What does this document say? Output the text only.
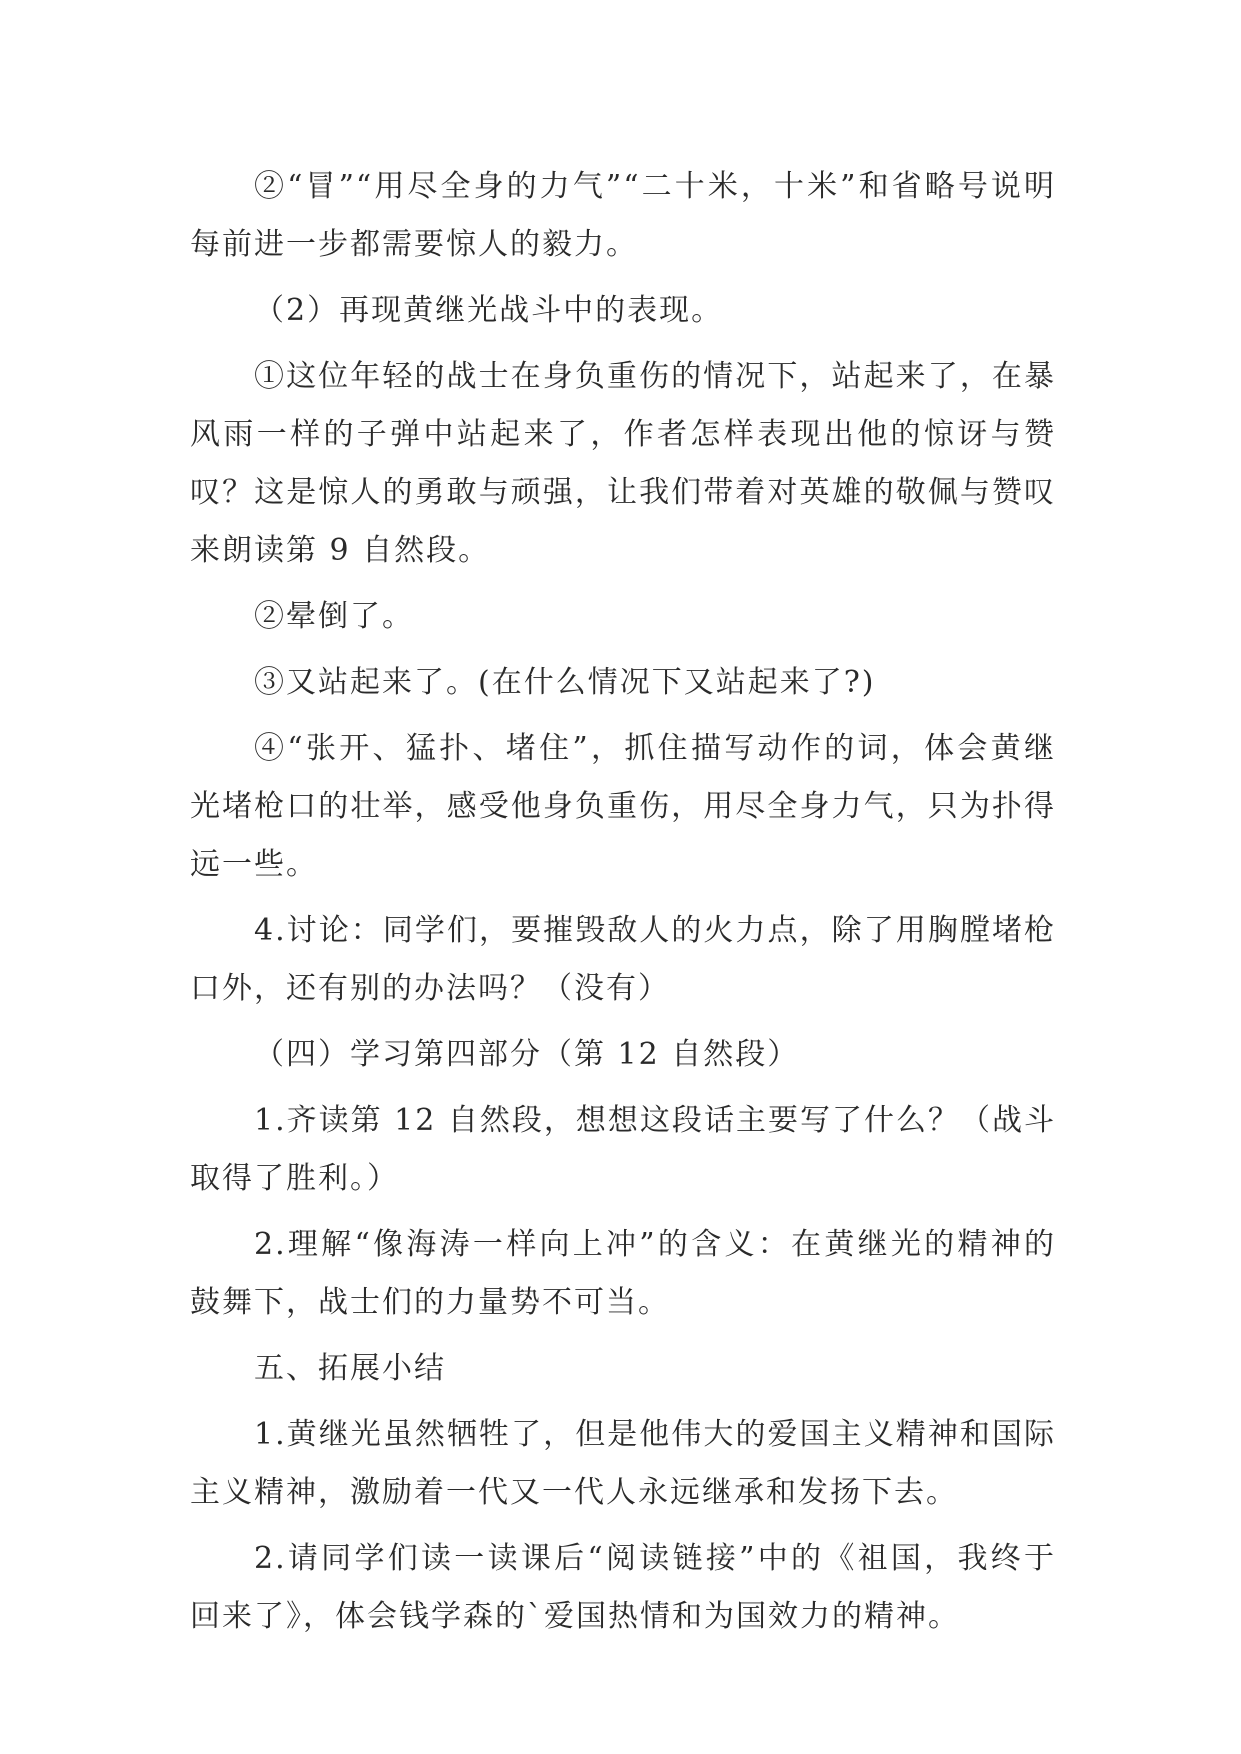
②“冒”“用尽全身的力气”“二十米，十米”和省略号说明每前进一步都需要惊人的毅力。

（2）再现黄继光战斗中的表现。

①这位年轻的战士在身负重伤的情况下，站起来了，在暴风雨一样的子弹中站起来了，作者怎样表现出他的惊讶与赞叹？这是惊人的勇敢与顽强，让我们带着对英雄的敬佩与赞叹来朗读第 9 自然段。

②晕倒了。

③又站起来了。(在什么情况下又站起来了?)

④“张开、猛扑、堵住”，抓住描写动作的词，体会黄继光堵枪口的壮举，感受他身负重伤，用尽全身力气，只为扑得远一些。

4.讨论：同学们，要摧毁敌人的火力点，除了用胸膛堵枪口外，还有别的办法吗？（没有）

（四）学习第四部分（第 12 自然段）

1.齐读第 12 自然段，想想这段话主要写了什么？（战斗取得了胜利。）

2.理解“像海涛一样向上冲”的含义：在黄继光的精神的鼓舞下，战士们的力量势不可当。

五、拓展小结

1.黄继光虽然牺牲了，但是他伟大的爱国主义精神和国际主义精神，激励着一代又一代人永远继承和发扬下去。

2.请同学们读一读课后“阅读链接”中的《祖国，我终于回来了》，体会钱学森的`爱国热情和为国效力的精神。
